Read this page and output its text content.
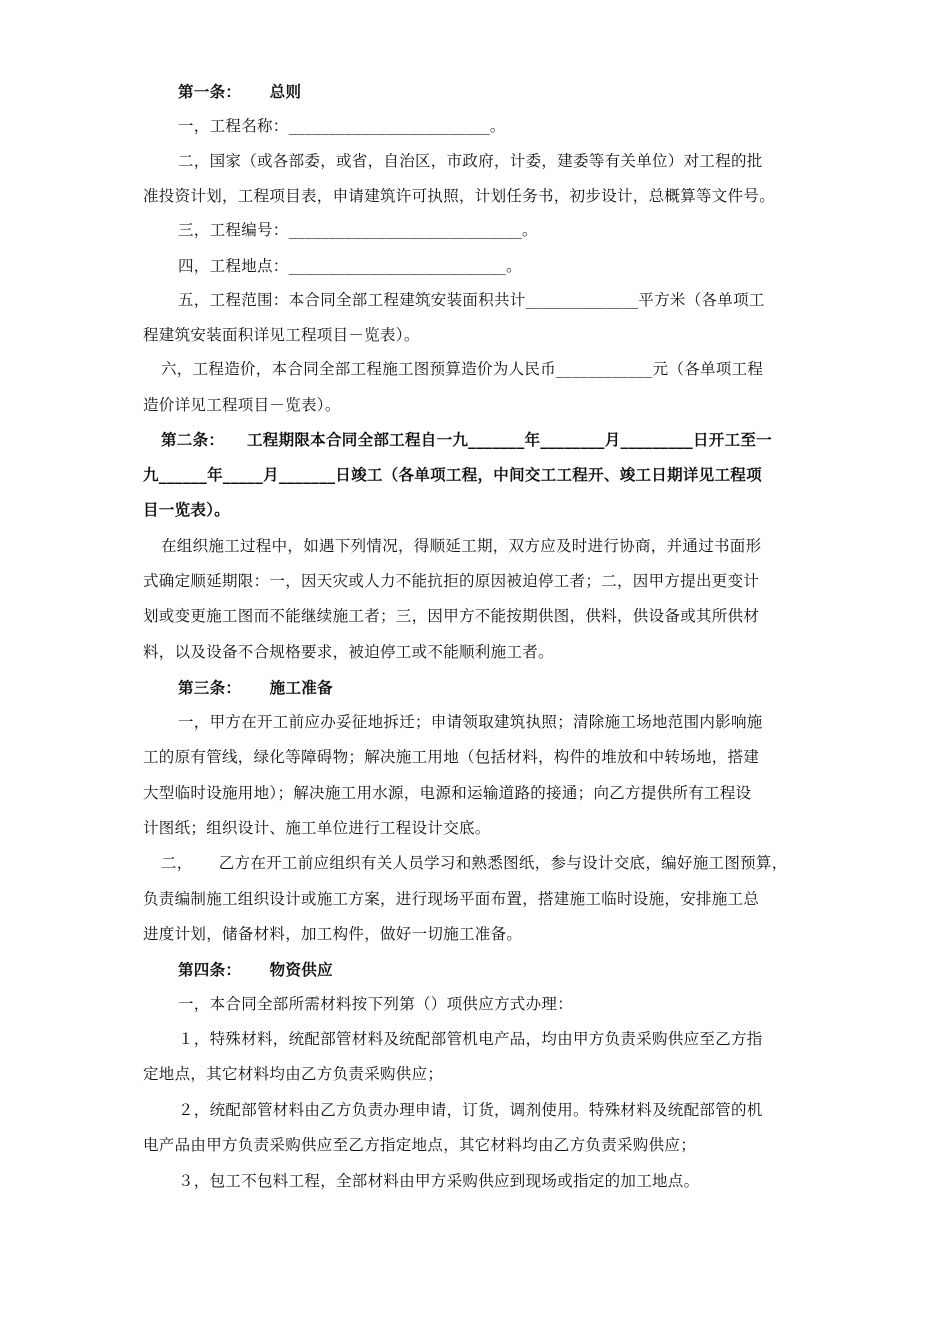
第一条：     总则
一，工程名称：_________________________。
二，国家（或各部委，或省，自治区，市政府，计委，建委等有关单位）对工程的批
准投资计划，工程项目表，申请建筑许可执照，计划任务书，初步设计，总概算等文件号。
三，工程编号：_____________________________。
四，工程地点：___________________________。
五，工程范围：本合同全部工程建筑安装面积共计______________平方米（各单项工
程建筑安装面积详见工程项目－览表）。
六，工程造价，本合同全部工程施工图预算造价为人民币____________元（各单项工程
造价详见工程项目－览表）。
第二条：    工程期限本合同全部工程自一九_______年________月_________日开工至一
九______年_____月_______日竣工（各单项工程，中间交工工程开、竣工日期详见工程项
目一览表）。
在组织施工过程中，如遇下列情况，得顺延工期，双方应及时进行协商，并通过书面形
式确定顺延期限：一，因天灾或人力不能抗拒的原因被迫停工者；二，因甲方提出更变计
划或变更施工图而不能继续施工者；三，因甲方不能按期供图，供料，供设备或其所供材
料，以及设备不合规格要求，被迫停工或不能顺利施工者。
第三条：     施工准备
一，甲方在开工前应办妥征地拆迁；申请领取建筑执照；清除施工场地范围内影响施
工的原有管线，绿化等障碍物；解决施工用地（包括材料，构件的堆放和中转场地，搭建
大型临时设施用地）；解决施工用水源，电源和运输道路的接通；向乙方提供所有工程设
计图纸；组织设计、施工单位进行工程设计交底。
二，     乙方在开工前应组织有关人员学习和熟悉图纸，参与设计交底，编好施工图预算，
负责编制施工组织设计或施工方案，进行现场平面布置，搭建施工临时设施，安排施工总
进度计划，储备材料，加工构件，做好一切施工准备。
第四条：     物资供应
一，本合同全部所需材料按下列第（）项供应方式办理：
１，特殊材料，统配部管材料及统配部管机电产品，均由甲方负责采购供应至乙方指
定地点，其它材料均由乙方负责采购供应；
２，统配部管材料由乙方负责办理申请，订货，调剂使用。特殊材料及统配部管的机
电产品由甲方负责采购供应至乙方指定地点，其它材料均由乙方负责采购供应；
３，包工不包料工程，全部材料由甲方采购供应到现场或指定的加工地点。
